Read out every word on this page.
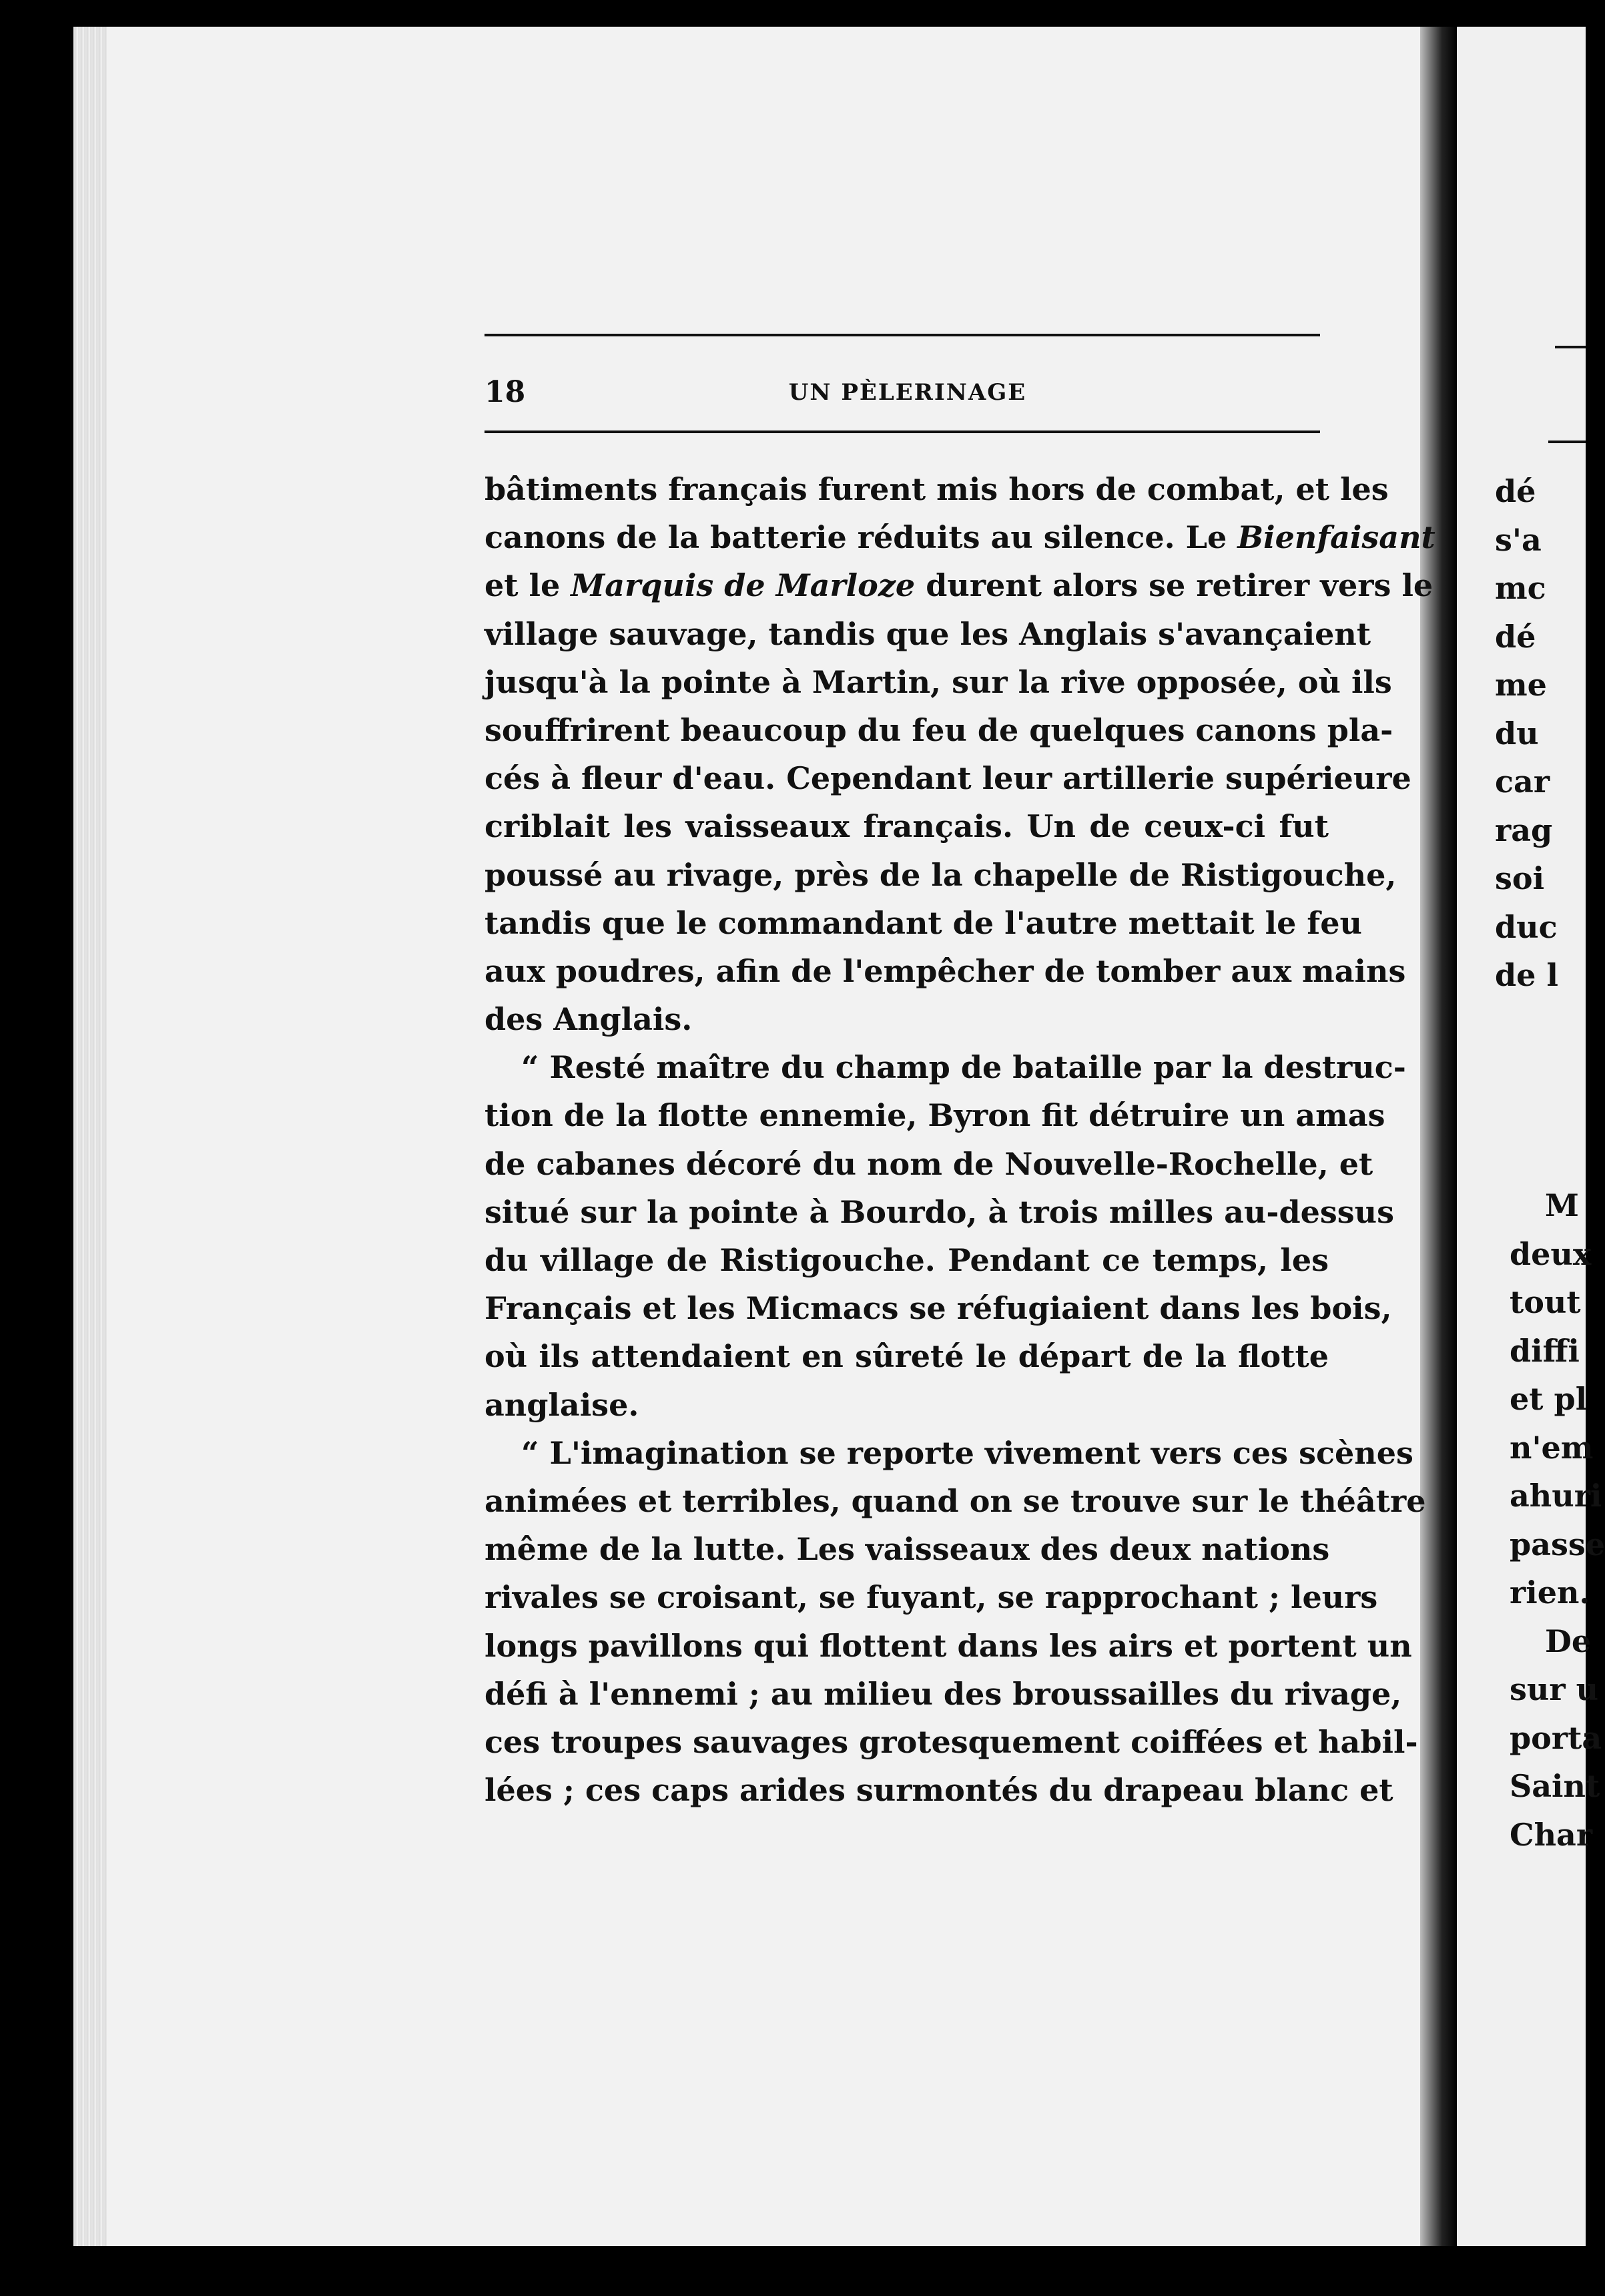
18	UN PÈLERINAGE
bâtiments français furent mis hors de combat, et les
canons de la batterie réduits au silence. Le Bienfaisant
et le Marquis de Marloze durent alors se retirer vers le
village sauvage, tandis que les Anglais s'avançaient
jusqu'à la pointe à Martin, sur la rive opposée, où ils
souffrirent beaucoup du feu de quelques canons pla-
cés à fleur d'eau. Cependant leur artillerie supérieure
criblait les vaisseaux français. Un de ceux-ci fut
poussé au rivage, près de la chapelle de Ristigouche,
tandis que le commandant de l'autre mettait le feu
aux poudres, afin de l'empêcher de tomber aux mains
des Anglais.
“ Resté maître du champ de bataille par la destruc-
tion de la flotte ennemie, Byron fit détruire un amas
de cabanes décoré du nom de Nouvelle-Rochelle, et
situé sur la pointe à Bourdo, à trois milles au-dessus
du village de Ristigouche. Pendant ce temps, les
Français et les Micmacs se réfugiaient dans les bois,
où ils attendaient en sûreté le départ de la flotte
anglaise.
“ L'imagination se reporte vivement vers ces scènes
animées et terribles, quand on se trouve sur le théâtre
même de la lutte. Les vaisseaux des deux nations
rivales se croisant, se fuyant, se rapprochant ; leurs
longs pavillons qui flottent dans les airs et portent un
défi à l'ennemi ; au milieu des broussailles du rivage,
ces troupes sauvages grotesquement coiffées et habil-
lées ; ces caps arides surmontés du drapeau blanc et
dé
s'a
mc
dé
me
du
car
rag
soi
duc
de l
M
deux
tout
diffi
et pl
n'em
ahuri
passe
rien.
De
sur u
porta
Saint
Char
